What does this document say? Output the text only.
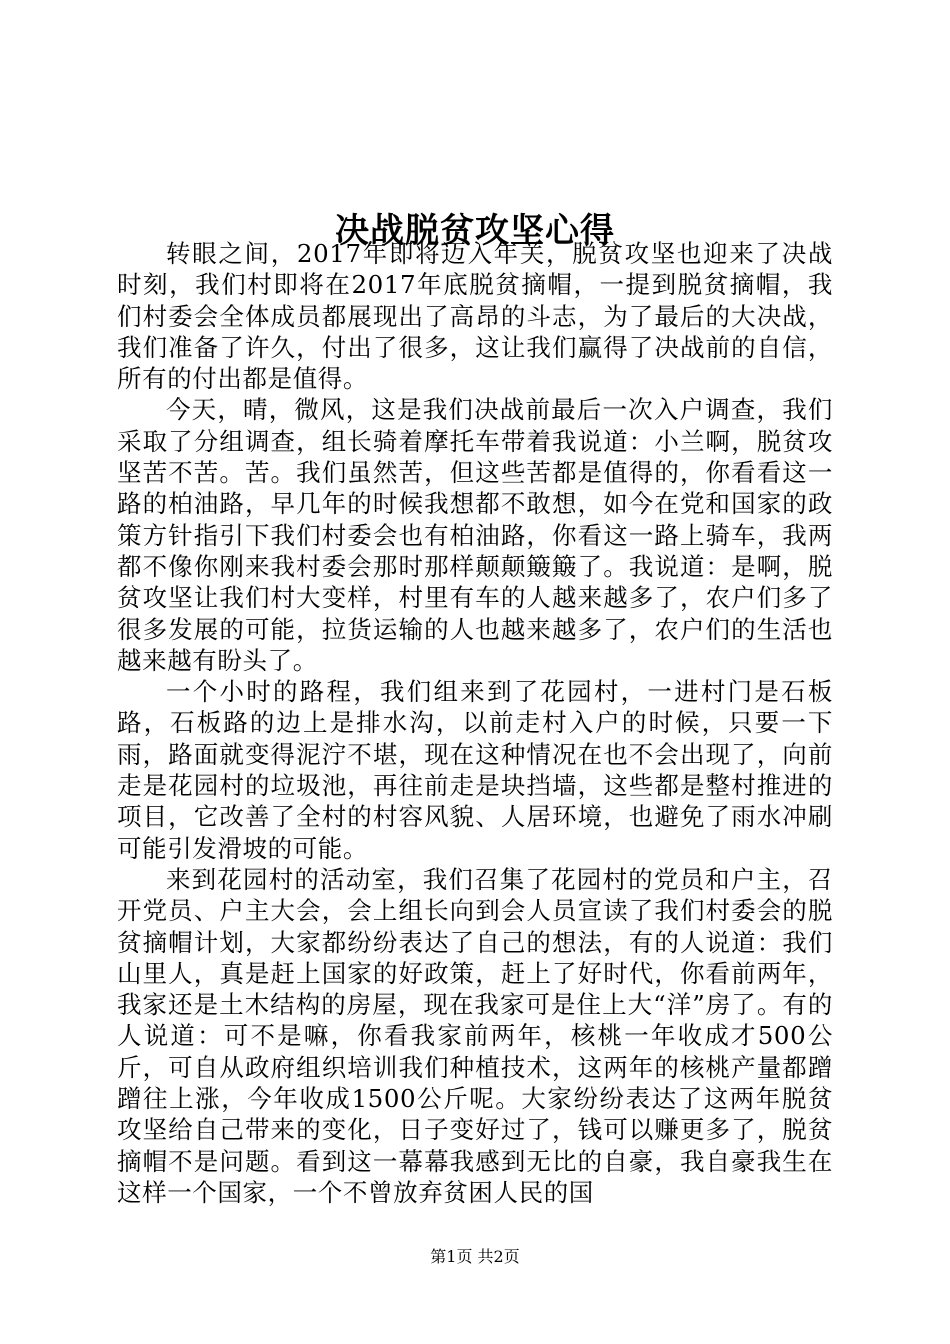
决战脱贫攻坚心得

转眼之间，2017年即将迈入年关，脱贫攻坚也迎来了决战时刻，我们村即将在2017年底脱贫摘帽，一提到脱贫摘帽，我们村委会全体成员都展现出了高昂的斗志，为了最后的大决战，我们准备了许久，付出了很多，这让我们赢得了决战前的自信，所有的付出都是值得。

今天，晴，微风，这是我们决战前最后一次入户调查，我们采取了分组调查，组长骑着摩托车带着我说道：小兰啊，脱贫攻坚苦不苦。苦。我们虽然苦，但这些苦都是值得的，你看看这一路的柏油路，早几年的时候我想都不敢想，如今在党和国家的政策方针指引下我们村委会也有柏油路，你看这一路上骑车，我两都不像你刚来我村委会那时那样颠颠簸簸了。我说道：是啊，脱贫攻坚让我们村大变样，村里有车的人越来越多了，农户们多了很多发展的可能，拉货运输的人也越来越多了，农户们的生活也越来越有盼头了。

一个小时的路程，我们组来到了花园村，一进村门是石板路，石板路的边上是排水沟，以前走村入户的时候，只要一下雨，路面就变得泥泞不堪，现在这种情况在也不会出现了，向前走是花园村的垃圾池，再往前走是块挡墙，这些都是整村推进的项目，它改善了全村的村容风貌、人居环境，也避免了雨水冲刷可能引发滑坡的可能。

来到花园村的活动室，我们召集了花园村的党员和户主，召开党员、户主大会，会上组长向到会人员宣读了我们村委会的脱贫摘帽计划，大家都纷纷表达了自己的想法，有的人说道：我们山里人，真是赶上国家的好政策，赶上了好时代，你看前两年，我家还是土木结构的房屋，现在我家可是住上大“洋”房了。有的人说道：可不是嘛，你看我家前两年，核桃一年收成才500公斤，可自从政府组织培训我们种植技术，这两年的核桃产量都蹭蹭往上涨，今年收成1500公斤呢。大家纷纷表达了这两年脱贫攻坚给自己带来的变化，日子变好过了，钱可以赚更多了，脱贫摘帽不是问题。看到这一幕幕我感到无比的自豪，我自豪我生在这样一个国家，一个不曾放弃贫困人民的国

第1页 共2页
